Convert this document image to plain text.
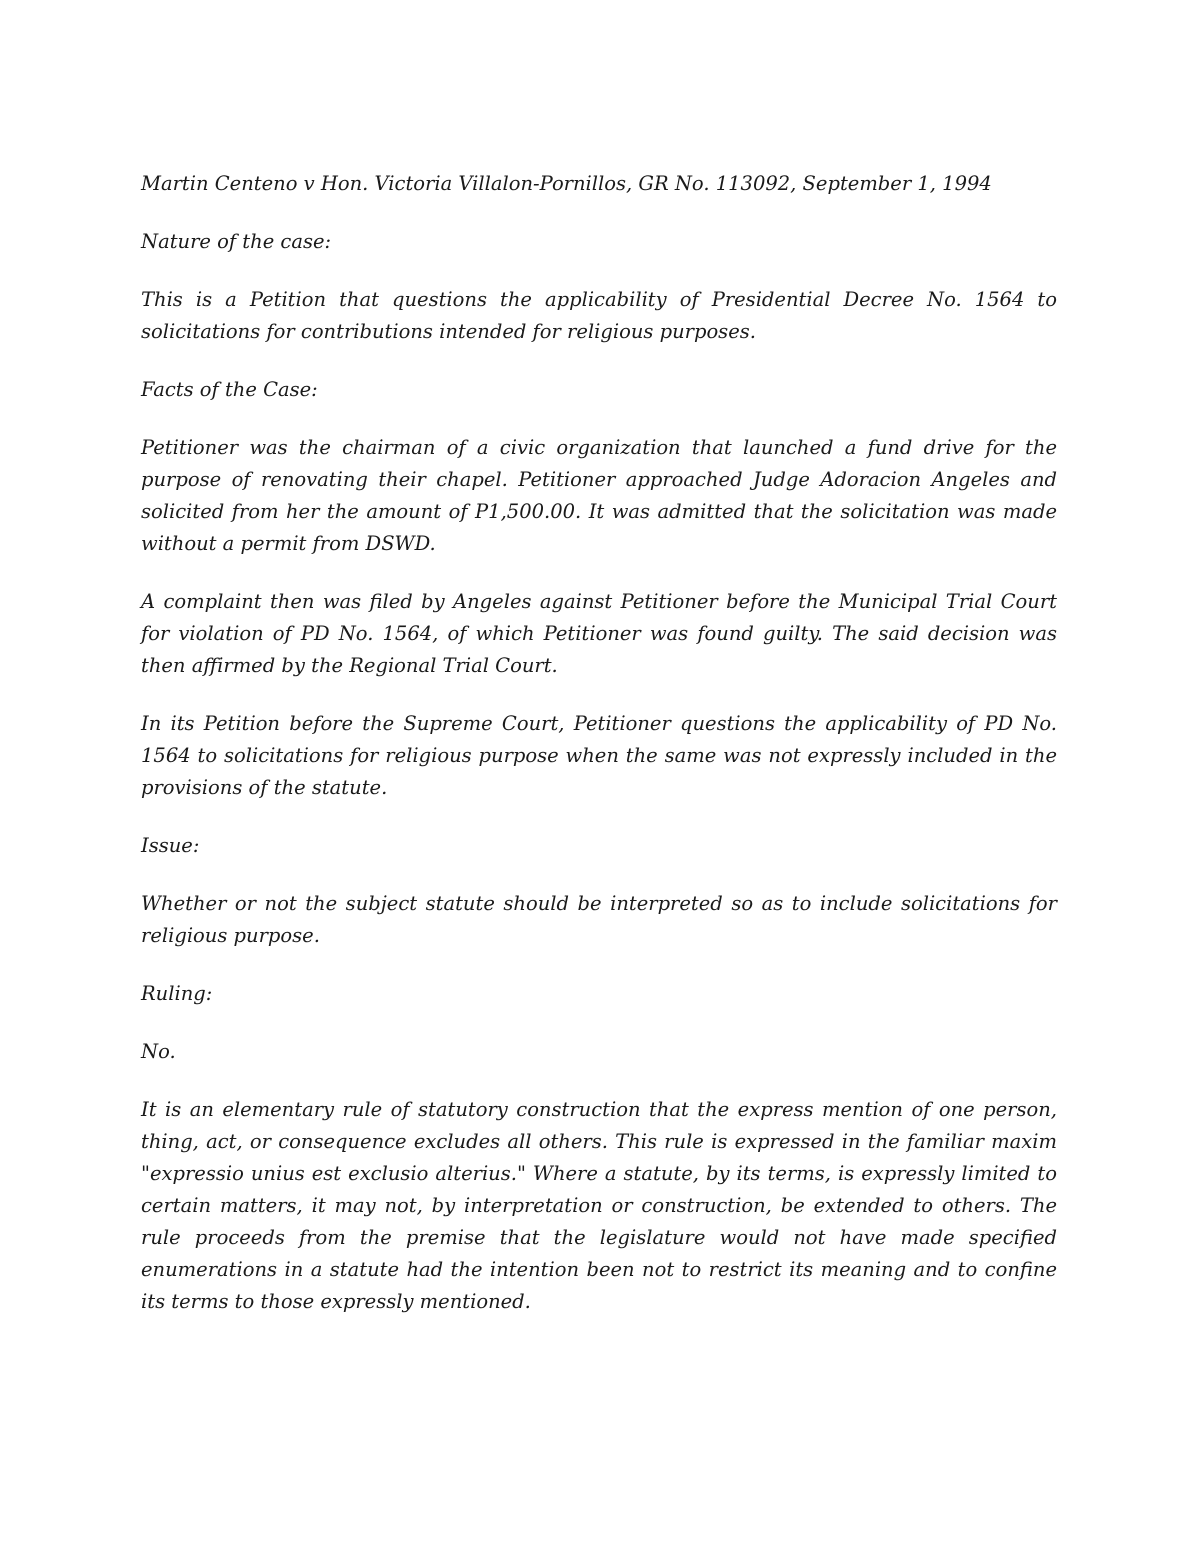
Martin Centeno v Hon. Victoria Villalon-Pornillos, GR No. 113092, September 1, 1994

Nature of the case:

This is a Petition that questions the applicability of Presidential Decree No. 1564 to solicitations for contributions intended for religious purposes.

Facts of the Case:

Petitioner was the chairman of a civic organization that launched a fund drive for the purpose of renovating their chapel. Petitioner approached Judge Adoracion Angeles and solicited from her the amount of P1,500.00. It was admitted that the solicitation was made without a permit from DSWD.

A complaint then was filed by Angeles against Petitioner before the Municipal Trial Court for violation of PD No. 1564, of which Petitioner was found guilty. The said decision was then affirmed by the Regional Trial Court.

In its Petition before the Supreme Court, Petitioner questions the applicability of PD No. 1564 to solicitations for religious purpose when the same was not expressly included in the provisions of the statute.

Issue:

Whether or not the subject statute should be interpreted so as to include solicitations for religious purpose.

Ruling:

No.

It is an elementary rule of statutory construction that the express mention of one person, thing, act, or consequence excludes all others. This rule is expressed in the familiar maxim "expressio unius est exclusio alterius." Where a statute, by its terms, is expressly limited to certain matters, it may not, by interpretation or construction, be extended to others. The rule proceeds from the premise that the legislature would not have made specified enumerations in a statute had the intention been not to restrict its meaning and to confine its terms to those expressly mentioned.
